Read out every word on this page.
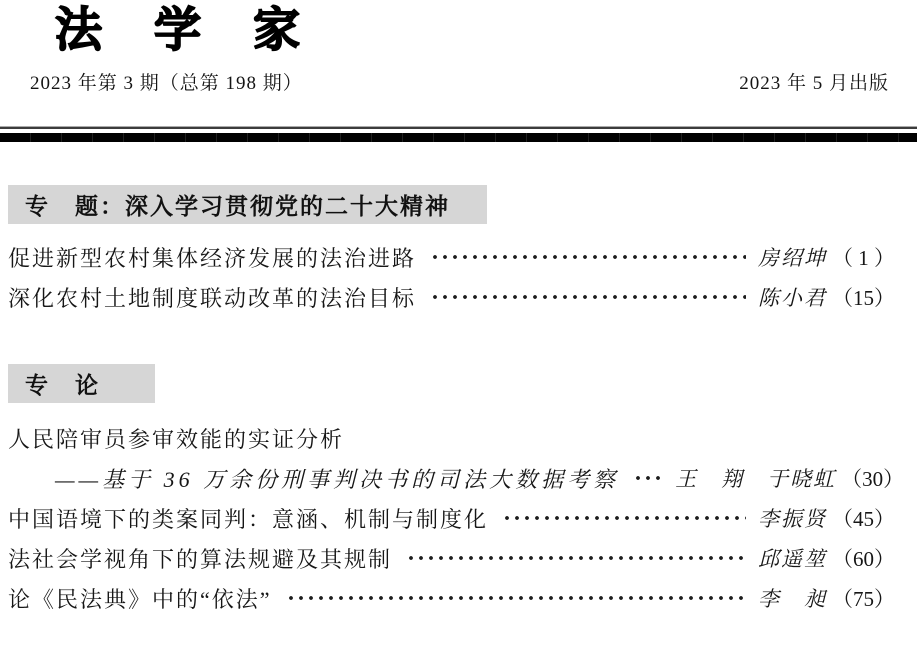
法学家
2023 年第 3 期（总第 198 期）	2023 年 5 月出版
专　题：深入学习贯彻党的二十大精神
促进新型农村集体经济发展的法治进路	房绍坤 （ 1 ）
深化农村土地制度联动改革的法治目标	陈小君 （15）
专　论
人民陪审员参审效能的实证分析
——基于 36 万余份刑事判决书的司法大数据考察	王　翔　于晓虹 （30）
中国语境下的类案同判：意涵、机制与制度化	李振贤 （45）
法社会学视角下的算法规避及其规制	邱遥堃 （60）
论《民法典》中的“依法”	李　昶 （75）
